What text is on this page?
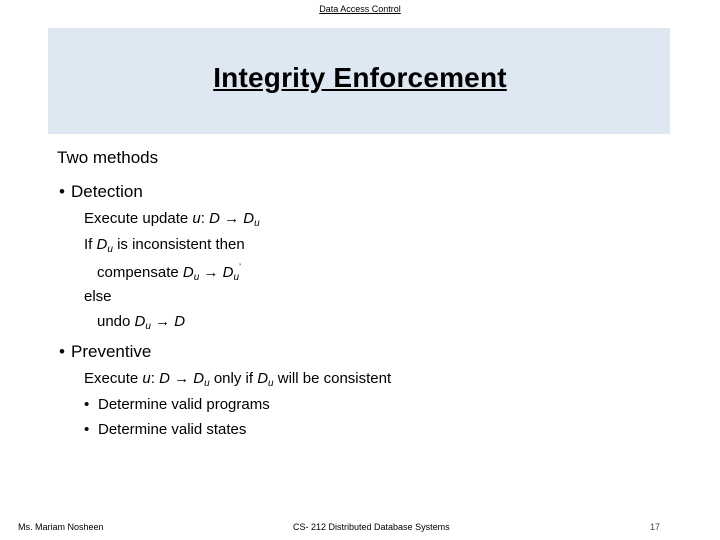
Data Access Control
Integrity Enforcement
Two methods
• Detection
Execute update u: $D \to D_u$
If $D_u$ is inconsistent then
compensate $D_u \to D_u^’$
else
undo $D_u \to D$
• Preventive
Execute u: $D \to D_u$ only if $D_u$ will be consistent
• Determine valid programs
• Determine valid states
Ms. Mariam Nosheen	CS- 212 Distributed Database Systems	17
